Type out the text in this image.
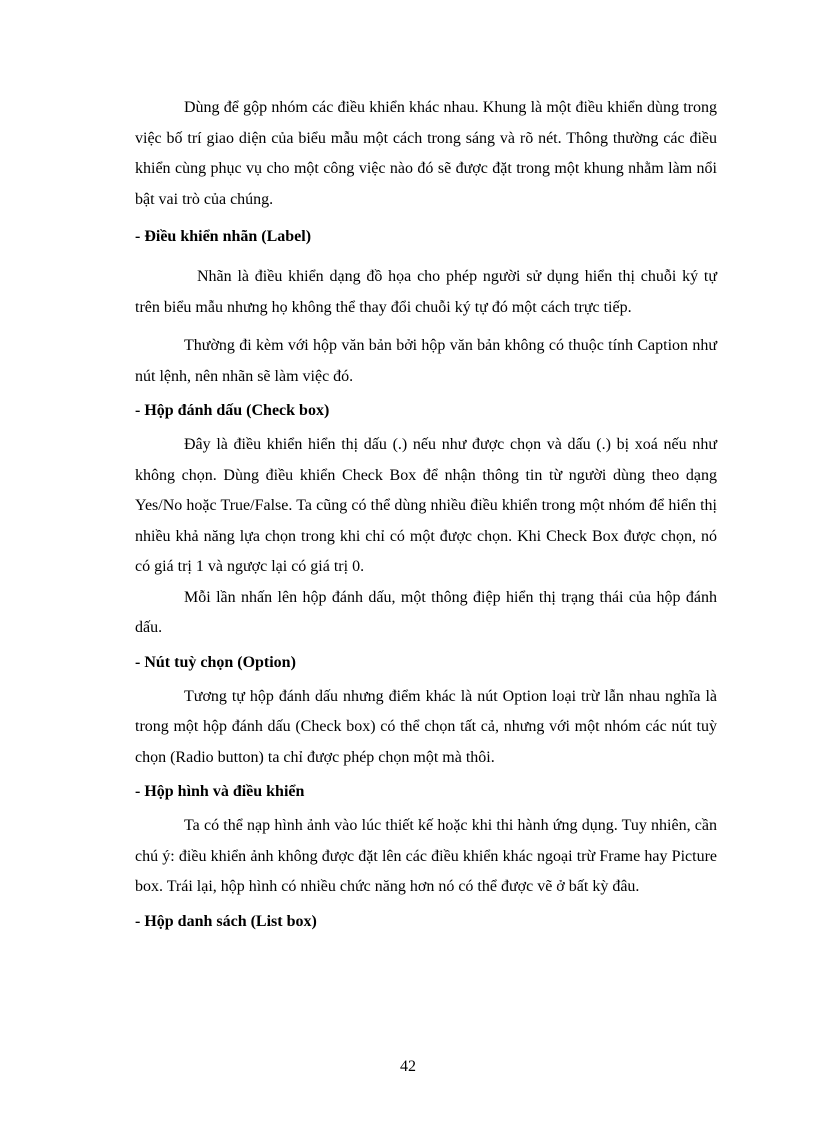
Dùng để gộp nhóm các điều khiển khác nhau. Khung là một điều khiển dùng trong việc bố trí giao diện của biểu mẫu một cách trong sáng và rõ nét. Thông thường các điều khiển cùng phục vụ cho một công việc nào đó sẽ được đặt trong một khung nhằm làm nổi bật vai trò của chúng.

- Điều khiển nhãn (Label)

Nhãn là điều khiển dạng đồ họa cho phép người sử dụng hiển thị chuỗi ký tự trên biểu mẫu nhưng họ không thể thay đổi chuỗi ký tự đó một cách trực tiếp.

Thường đi kèm với hộp văn bản bởi hộp văn bản không có thuộc tính Caption như nút lệnh, nên nhãn sẽ làm việc đó.

- Hộp đánh dấu (Check box)

Đây là điều khiển hiển thị dấu (.) nếu như được chọn và dấu (.) bị xoá nếu như không chọn. Dùng điều khiển Check Box để nhận thông tin từ người dùng theo dạng Yes/No hoặc True/False. Ta cũng có thể dùng nhiều điều khiển trong một nhóm để hiển thị nhiều khả năng lựa chọn trong khi chỉ có một được chọn. Khi Check Box được chọn, nó có giá trị 1 và ngược lại có giá trị 0.

Mỗi lần nhấn lên hộp đánh dấu, một thông điệp hiển thị trạng thái của hộp đánh dấu.

- Nút tuỳ chọn (Option)

Tương tự hộp đánh dấu nhưng điểm khác là nút Option loại trừ lẫn nhau nghĩa là trong một hộp đánh dấu (Check box) có thể chọn tất cả, nhưng với một nhóm các nút tuỳ chọn (Radio button) ta chỉ được phép chọn một mà thôi.

- Hộp hình và điều khiển

Ta có thể nạp hình ảnh vào lúc thiết kế hoặc khi thi hành ứng dụng. Tuy nhiên, cần chú ý: điều khiển ảnh không được đặt lên các điều khiển khác ngoại trừ Frame hay Picture box. Trái lại, hộp hình có nhiều chức năng hơn nó có thể được vẽ ở bất kỳ đâu.

- Hộp danh sách (List box)
42
